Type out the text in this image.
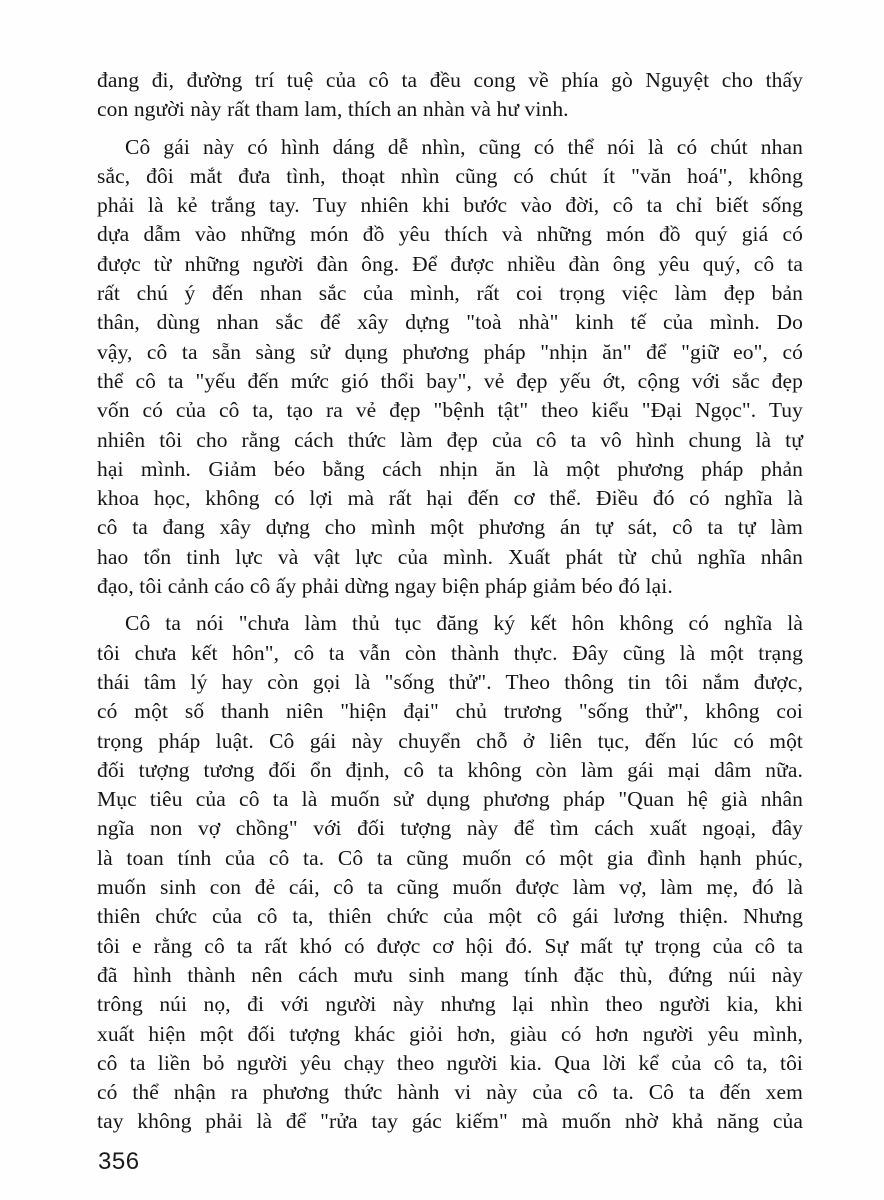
đang đi, đường trí tuệ của cô ta đều cong về phía gò Nguyệt cho thấy
con người này rất tham lam, thích an nhàn và hư vinh.
Cô gái này có hình dáng dễ nhìn, cũng có thể nói là có chút nhan
sắc, đôi mắt đưa tình, thoạt nhìn cũng có chút ít "văn hoá", không
phải là kẻ trắng tay. Tuy nhiên khi bước vào đời, cô ta chỉ biết sống
dựa dẫm vào những món đồ yêu thích và những món đồ quý giá có
được từ những người đàn ông. Để được nhiều đàn ông yêu quý, cô ta
rất chú ý đến nhan sắc của mình, rất coi trọng việc làm đẹp bản
thân, dùng nhan sắc để xây dựng "toà nhà" kinh tế của mình. Do
vậy, cô ta sẵn sàng sử dụng phương pháp "nhịn ăn" để "giữ eo", có
thể cô ta "yếu đến mức gió thổi bay", vẻ đẹp yếu ớt, cộng với sắc đẹp
vốn có của cô ta, tạo ra vẻ đẹp "bệnh tật" theo kiểu "Đại Ngọc". Tuy
nhiên tôi cho rằng cách thức làm đẹp của cô ta vô hình chung là tự
hại mình. Giảm béo bằng cách nhịn ăn là một phương pháp phản
khoa học, không có lợi mà rất hại đến cơ thể. Điều đó có nghĩa là
cô ta đang xây dựng cho mình một phương án tự sát, cô ta tự làm
hao tổn tinh lực và vật lực của mình. Xuất phát từ chủ nghĩa nhân
đạo, tôi cảnh cáo cô ấy phải dừng ngay biện pháp giảm béo đó lại.
Cô ta nói "chưa làm thủ tục đăng ký kết hôn không có nghĩa là
tôi chưa kết hôn", cô ta vẫn còn thành thực. Đây cũng là một trạng
thái tâm lý hay còn gọi là "sống thử". Theo thông tin tôi nắm được,
có một số thanh niên "hiện đại" chủ trương "sống thử", không coi
trọng pháp luật. Cô gái này chuyển chỗ ở liên tục, đến lúc có một
đối tượng tương đối ổn định, cô ta không còn làm gái mại dâm nữa.
Mục tiêu của cô ta là muốn sử dụng phương pháp "Quan hệ già nhân
ngĩa non vợ chồng" với đối tượng này để tìm cách xuất ngoại, đây
là toan tính của cô ta. Cô ta cũng muốn có một gia đình hạnh phúc,
muốn sinh con đẻ cái, cô ta cũng muốn được làm vợ, làm mẹ, đó là
thiên chức của cô ta, thiên chức của một cô gái lương thiện. Nhưng
tôi e rằng cô ta rất khó có được cơ hội đó. Sự mất tự trọng của cô ta
đã hình thành nên cách mưu sinh mang tính đặc thù, đứng núi này
trông núi nọ, đi với người này nhưng lại nhìn theo người kia, khi
xuất hiện một đối tượng khác giỏi hơn, giàu có hơn người yêu mình,
cô ta liền bỏ người yêu chạy theo người kia. Qua lời kể của cô ta, tôi
có thể nhận ra phương thức hành vi này của cô ta. Cô ta đến xem
tay không phải là để "rửa tay gác kiếm" mà muốn nhờ khả năng của
356
